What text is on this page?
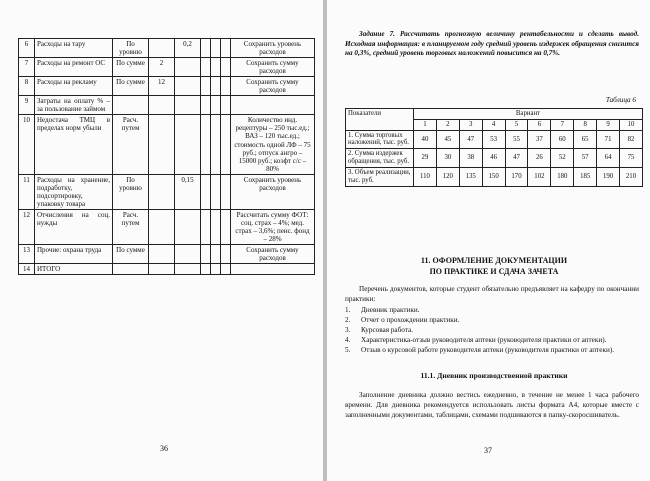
6	Расходы на тару	По уровню		0,2				Сохранить уровень расходов
7	Расходы на ремонт ОС	По сумме	2					Сохранить сумму расходов
8	Расходы на рекламу	По сумме	12					Сохранить сумму расходов
9	Затраты на оплату % – за пользование займом							
10	Недостача ТМЦ в пределах норм убыли	Расч. путем						Количество инд. рецептуры – 250 тыс.ед.; ВАЗ – 120 тыс.ед.; стоимость одной ЛФ – 75 руб.; отпуск ангро – 15000 руб.; коэфт с/с – 80%
11	Расходы на хранение, подработку, подсортировку, упаковку товара	По уровню		0,15				Сохранить уровень расходов
12	Отчисления на соц. нужды	Расч. путем						Рассчитать сумму ФОТ: соц. страх – 4%; мед. страх – 3,6%; пенс. фонд – 28%
13	Прочие: охрана труда	По сумме						Сохранить сумму расходов
14	ИТОГО							
36
Задание 7. Рассчитать прогнозную величину рентабельности и сделать вывод. Исходная информация: в планируемом году средний уровень издержек обращения снизится на 0,3%, средний уровень торговых наложений повысится на 0,7%.
Таблица 6
Показатели	Вариант									
	1	2	3	4	5	6	7	8	9	10
1. Сумма торговых наложений, тыс. руб.	40	45	47	53	55	37	60	65	71	82
2. Сумма издержек обращения, тыс. руб.	29	30	38	46	47	26	52	57	64	75
3. Объем реализации, тыс. руб.	110	120	135	150	170	102	180	185	190	210
11. ОФОРМЛЕНИЕ ДОКУМЕНТАЦИИ
ПО ПРАКТИКЕ И СДАЧА ЗАЧЕТА
Перечень документов, которые студент обязательно предъявляет на кафедру по окончании практики:
1. Дневник практики.
2. Отчет о прохождении практики.
3. Курсовая работа.
4. Характеристика-отзыв руководителя аптеки (руководителя практики от аптеки).
5. Отзыв о курсовой работе руководителя аптеки (руководителя практики от аптеки).
11.1. Дневник производственной практики
Заполнение дневника должно вестись ежедневно, в течение не менее 1 часа рабочего времени. Для дневника рекомендуется использовать листы формата А4, которые вместе с заполненными документами, таблицами, схемами подшиваются в папку-скоросшиватель.
37
